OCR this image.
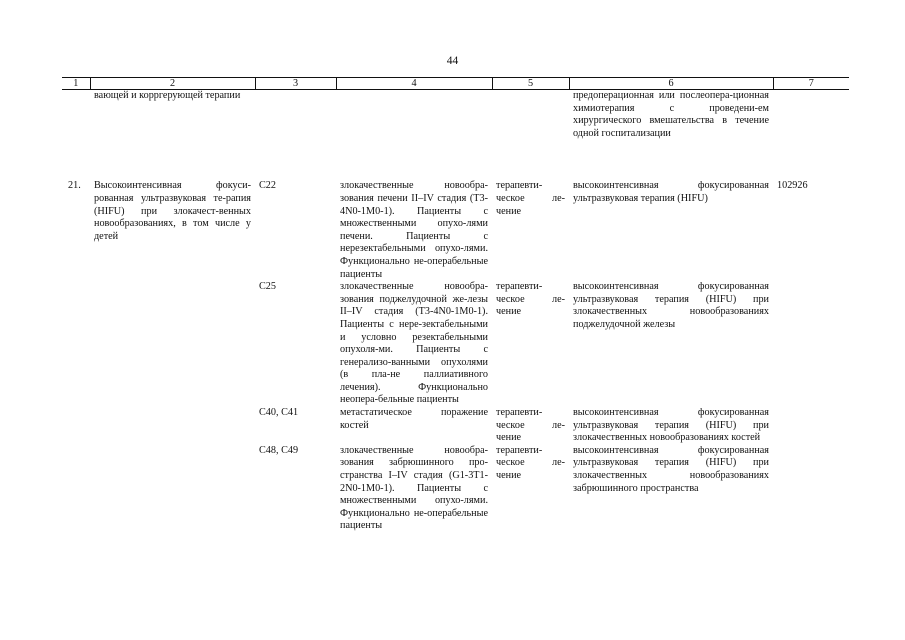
44
1	2	3	4	5	6	7
	вающей и корргерующей терапии				предоперационная или послеопера-ционная химиотерапия с проведени-ем хирургического вмешательства в течение одной госпитализации	

21.	Высокоинтенсивная фокуси-рованная ультразвуковая те-рапия (HIFU) при злокачест-венных новообразованиях, в том числе у детей	C22	злокачественные новообра-зования печени II–IV стадия (T3-4N0-1M0-1). Пациенты с множественными опухо-лями печени. Пациенты с нерезектабельными опухо-лями. Функционально не-операбельные пациенты	терапевти-ческое ле-чение	высокоинтенсивная фокусированная ультразвуковая терапия (HIFU)	102926
		C25	злокачественные новообра-зования поджелудочной же-лезы II–IV стадия (T3-4N0-1M0-1). Пациенты с нере-зектабельными и условно резектабельными опухоля-ми. Пациенты с генерализо-ванными опухолями (в пла-не паллиативного лечения). Функционально неопера-бельные пациенты	терапевти-ческое ле-чение	высокоинтенсивная фокусированная ультразвуковая терапия (HIFU) при злокачественных новообразованиях поджелудочной железы	
		C40, C41	метастатическое поражение костей	терапевти-ческое ле-чение	высокоинтенсивная фокусированная ультразвуковая терапия (HIFU) при злокачественных новообразованиях костей	
		C48, C49	злокачественные новообра-зования забрюшинного про-странства I–IV стадия (G1-3T1-2N0-1M0-1). Пациенты с множественными опухо-лями. Функционально не-операбельные пациенты	терапевти-ческое ле-чение	высокоинтенсивная фокусированная ультразвуковая терапия (HIFU) при злокачественных новообразованиях забрюшинного пространства	
